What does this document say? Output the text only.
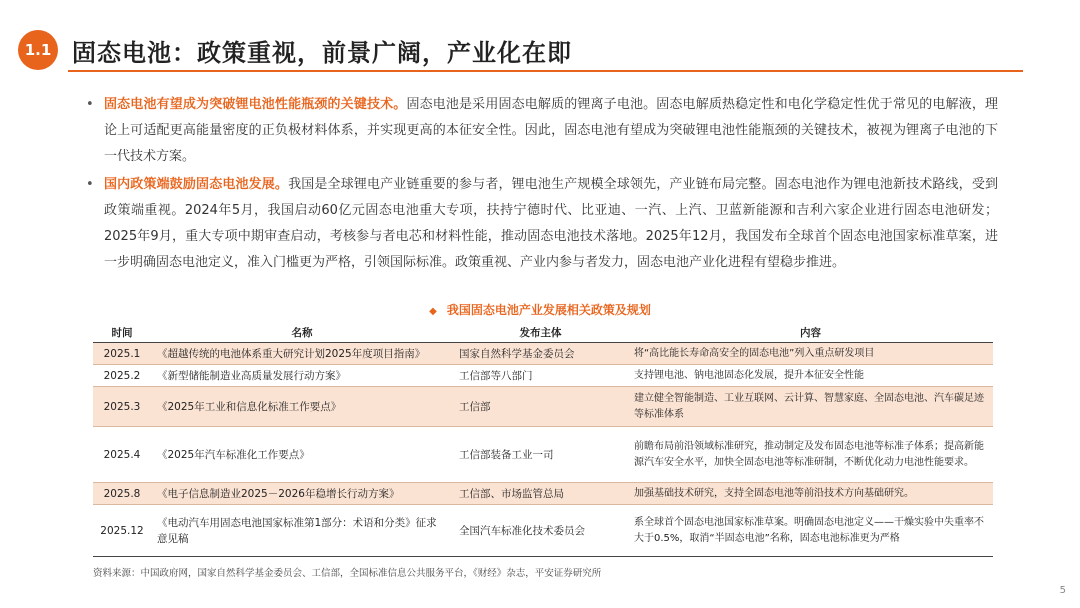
1.1 固态电池：政策重视，前景广阔，产业化在即
• 固态电池有望成为突破锂电池性能瓶颈的关键技术。固态电池是采用固态电解质的锂离子电池。固态电解质热稳定性和电化学稳定性优于常见的电解液，理论上可适配更高能量密度的正负极材料体系，并实现更高的本征安全性。因此，固态电池有望成为突破锂电池性能瓶颈的关键技术，被视为锂离子电池的下一代技术方案。
• 国内政策端鼓励固态电池发展。我国是全球锂电产业链重要的参与者，锂电池生产规模全球领先，产业链布局完整。固态电池作为锂电池新技术路线，受到政策端重视。2024年5月，我国启动60亿元固态电池重大专项，扶持宁德时代、比亚迪、一汽、上汽、卫蓝新能源和吉利六家企业进行固态电池研发；2025年9月，重大专项中期审查启动，考核参与者电芯和材料性能，推动固态电池技术落地。2025年12月，我国发布全球首个固态电池国家标准草案，进一步明确固态电池定义，准入门槛更为严格，引领国际标准。政策重视、产业内参与者发力，固态电池产业化进程有望稳步推进。
◆ 我国固态电池产业发展相关政策及规划
时间	名称	发布主体	内容
2025.1	《超越传统的电池体系重大研究计划2025年度项目指南》	国家自然科学基金委员会	将“高比能长寿命高安全的固态电池”列入重点研发项目
2025.2	《新型储能制造业高质量发展行动方案》	工信部等八部门	支持锂电池、钠电池固态化发展，提升本征安全性能
2025.3	《2025年工业和信息化标准工作要点》	工信部	建立健全智能制造、工业互联网、云计算、智慧家庭、全固态电池、汽车碳足迹等标准体系
2025.4	《2025年汽车标准化工作要点》	工信部装备工业一司	前瞻布局前沿领域标准研究，推动制定及发布固态电池等标准子体系；提高新能源汽车安全水平，加快全固态电池等标准研制，不断优化动力电池性能要求。
2025.8	《电子信息制造业2025－2026年稳增长行动方案》	工信部、市场监管总局	加强基础技术研究，支持全固态电池等前沿技术方向基础研究。
2025.12	《电动汽车用固态电池国家标准第1部分：术语和分类》征求意见稿	全国汽车标准化技术委员会	系全球首个固态电池国家标准草案。明确固态电池定义——干燥实验中失重率不大于0.5%，取消“半固态电池”名称，固态电池标准更为严格
资料来源：中国政府网，国家自然科学基金委员会、工信部，全国标准信息公共服务平台，《财经》杂志，平安证券研究所
5
